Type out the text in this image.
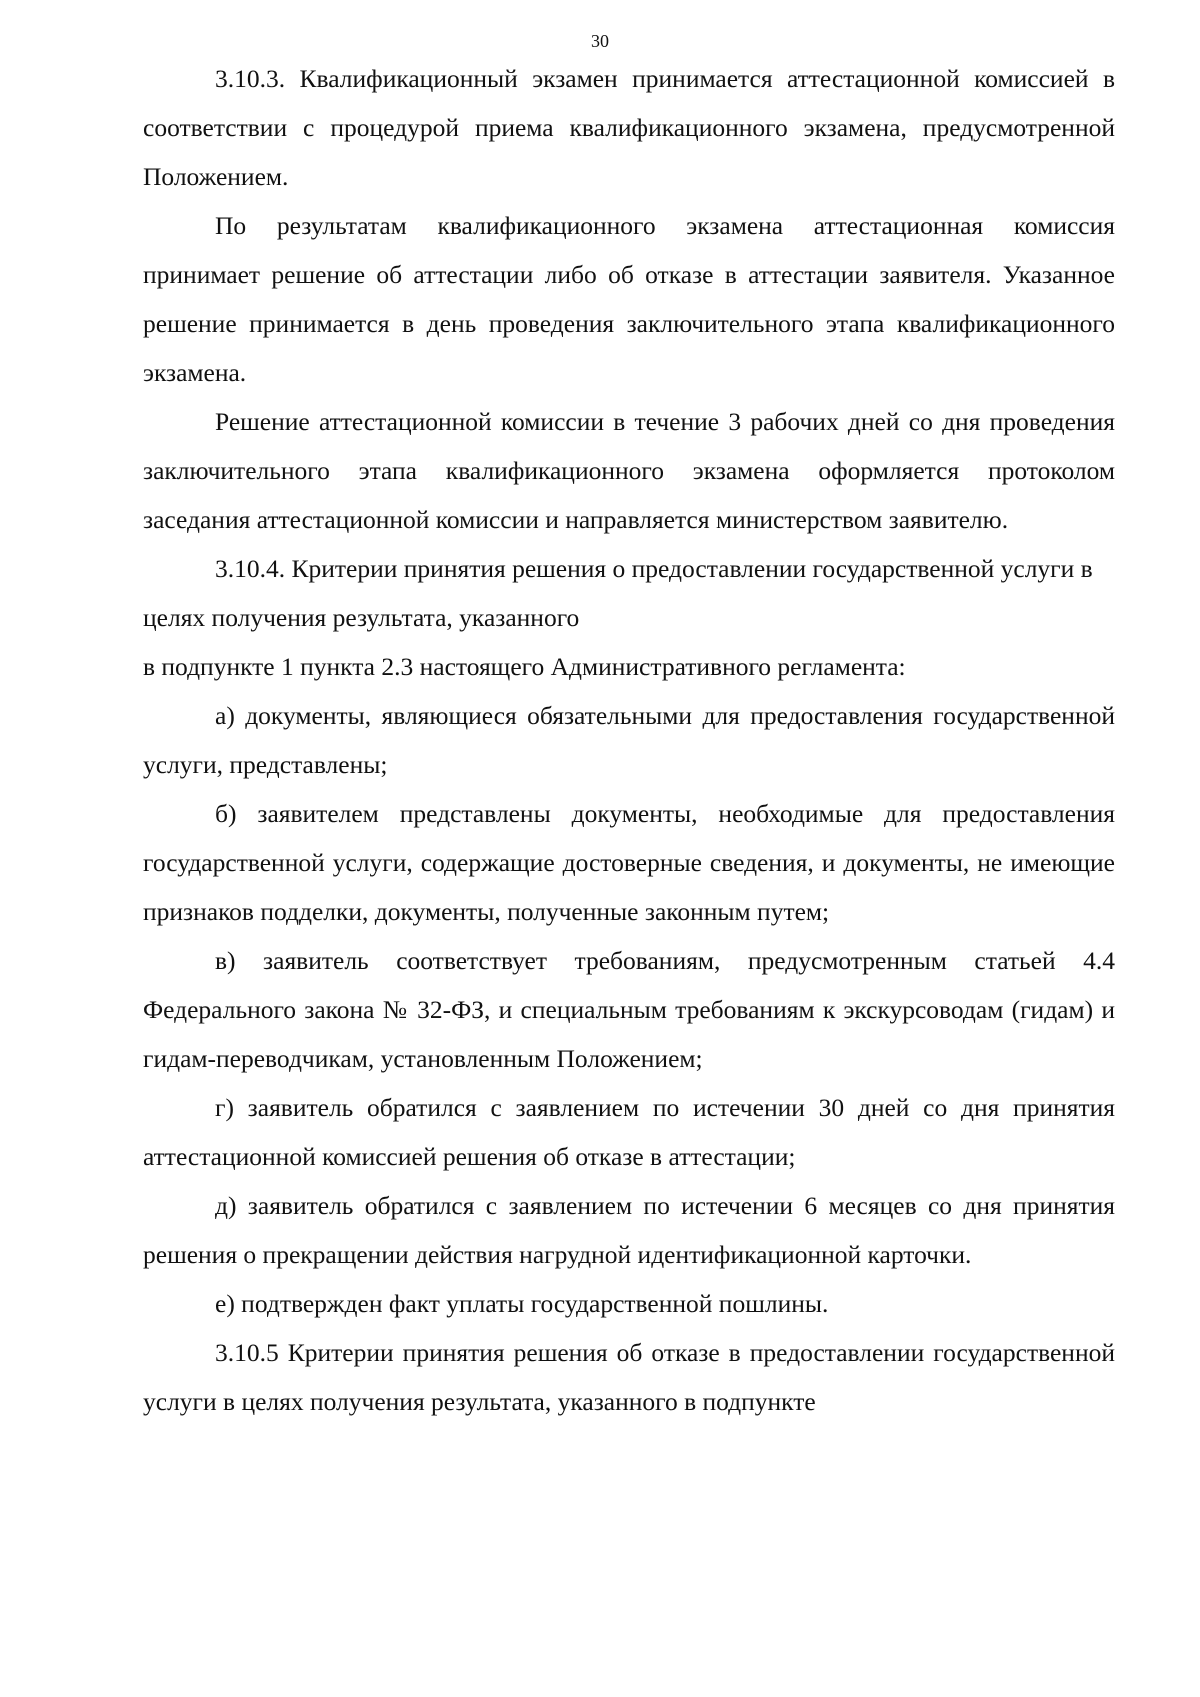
30

3.10.3. Квалификационный экзамен принимается аттестационной комиссией в соответствии с процедурой приема квалификационного экзамена, предусмотренной Положением.

По результатам квалификационного экзамена аттестационная комиссия принимает решение об аттестации либо об отказе в аттестации заявителя. Указанное решение принимается в день проведения заключительного этапа квалификационного экзамена.

Решение аттестационной комиссии в течение 3 рабочих дней со дня проведения заключительного этапа квалификационного экзамена оформляется протоколом заседания аттестационной комиссии и направляется министерством заявителю.

3.10.4. Критерии принятия решения о предоставлении государственной услуги в целях получения результата, указанного

в подпункте 1 пункта 2.3 настоящего Административного регламента:

а) документы, являющиеся обязательными для предоставления государственной услуги, представлены;

б) заявителем представлены документы, необходимые для предоставления государственной услуги, содержащие достоверные сведения, и документы, не имеющие признаков подделки, документы, полученные законным путем;

в) заявитель соответствует требованиям, предусмотренным статьей 4.4 Федерального закона № 32-ФЗ, и специальным требованиям к экскурсоводам (гидам) и гидам-переводчикам, установленным Положением;

г) заявитель обратился с заявлением по истечении 30 дней со дня принятия аттестационной комиссией решения об отказе в аттестации;

д) заявитель обратился с заявлением по истечении 6 месяцев со дня принятия решения о прекращении действия нагрудной идентификационной карточки.

е) подтвержден факт уплаты государственной пошлины.

3.10.5 Критерии принятия решения об отказе в предоставлении государственной услуги в целях получения результата, указанного в подпункте
